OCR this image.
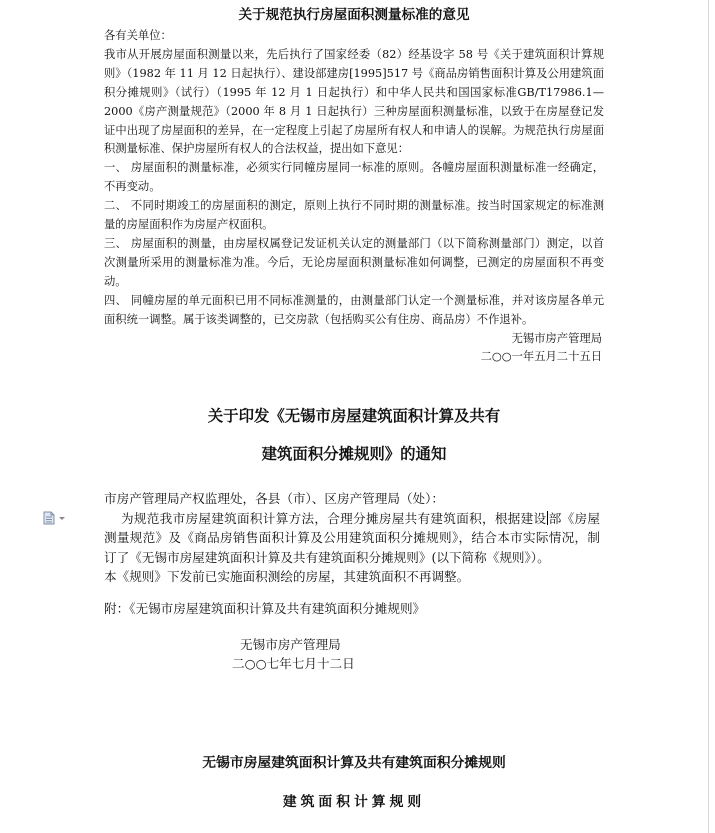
关于规范执行房屋面积测量标准的意见

各有关单位：

我市从开展房屋面积测量以来，先后执行了国家经委（82）经基设字 58 号《关于建筑面积计算规则》（1982 年 11 月 12 日起执行）、建设部建房[1995]517 号《商品房销售面积计算及公用建筑面积分摊规则》（试行）（1995 年 12 月 1 日起执行）和中华人民共和国国家标准GB/T17986.1—2000《房产测量规范》（2000 年 8 月 1 日起执行）三种房屋面积测量标准，以致于在房屋登记发证中出现了房屋面积的差异，在一定程度上引起了房屋所有权人和申请人的误解。为规范执行房屋面积测量标准、保护房屋所有权人的合法权益，提出如下意见：

一、 房屋面积的测量标准，必须实行同幢房屋同一标准的原则。各幢房屋面积测量标准一经确定，不再变动。

二、 不同时期竣工的房屋面积的测定，原则上执行不同时期的测量标准。按当时国家规定的标准测量的房屋面积作为房屋产权面积。

三、 房屋面积的测量，由房屋权属登记发证机关认定的测量部门（以下简称测量部门）测定，以首次测量所采用的测量标准为准。今后，无论房屋面积测量标准如何调整，已测定的房屋面积不再变动。

四、 同幢房屋的单元面积已用不同标准测量的，由测量部门认定一个测量标准，并对该房屋各单元面积统一调整。属于该类调整的，已交房款（包括购买公有住房、商品房）不作退补。

无锡市房产管理局

二○○一年五月二十五日

关于印发《无锡市房屋建筑面积计算及共有

建筑面积分摊规则》的通知

市房产管理局产权监理处，各县（市）、区房产管理局（处）：

为规范我市房屋建筑面积计算方法，合理分摊房屋共有建筑面积，根据建设 部《房屋测量规范》及《商品房销售面积计算及公用建筑面积分摊规则》，结合本市实际情况，制订了《无锡市房屋建筑面积计算及共有建筑面积分摊规则》(以下简称《规则》）。

本《规则》下发前已实施面积测绘的房屋，其建筑面积不再调整。

附：《无锡市房屋建筑面积计算及共有建筑面积分摊规则》

无锡市房产管理局

二○○七年七月十二日

无锡市房屋建筑面积计算及共有建筑面积分摊规则

建筑面积计算规则
